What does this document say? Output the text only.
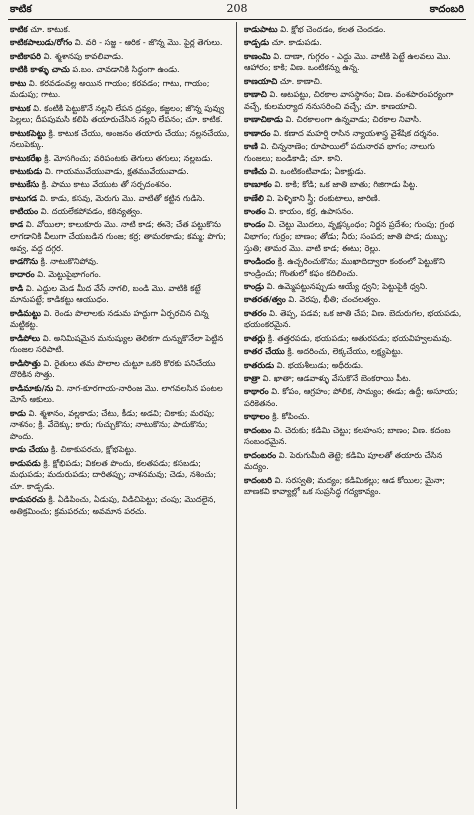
కాటిక	208	కాదంబరి

కాటిక చూ. కాటుక.

కాటికపాలుడు/రోగం వి. వరి - సజ్జ - ఆరిక - జొన్న మొ. పైర్ల తెగులు.

కాటికాపరి వి. శ్మశానపు కావలివాడు.

కాటికి కాళ్ళు చాచు ప.బం. చావడానికి సిద్ధంగా ఉండు.

కాటు వి. కరవడంవల్ల అయిన గాయం; కరవడం; గాటు, గాయం; మడుపు; గాటు.

కాటుక వి. కంటికి పెట్టుకొనే నల్లని లేపన ద్రవ్యం, కజ్జలం; జొన్న పువ్వు పెల్లలు; దీపపుమసి కలిపి తయారుచేసిన నల్లని లేపనం; చూ. కాటిక.

కాటుకపెట్టు క్రి. కాటుక చేయు, అంజనం తయారు చేయు; నల్లనచేయు, నలుపెక్కు.

కాటుకరేఖ క్రి. మోసగించు; వరిపంటకు తెగులు తగులు; నల్లబడు.

కాటుకుడు వి. గాయమువేయువాడు, క్షతమువేయువాడు.

కాటుకేసు క్రి. పాము కాటు వేయుట తో సర్పదంశనం.

కాటుగడ వి. కాడు, కసవు, మెరుగు మొ. వాటితో కట్టిన గుడిసె.

కాటియం వి. దయలేకపోవడం, కఠిన్యత్వం.

కాడ వి. వోయిలా; కాలుకూరు మొ. నాటి కాడ; ఈనె; చేత పట్టుకొను లాగడానికి వీలుగా చేయబడిన గుంజ; కర్ర; తామరకాడు; కమ్మ; పొగు; అవ్వ, వద్ద దగ్గర.

కాడగొను క్రి. నాటుకొనిపోవు.

కాదారం వి. మెట్టుపైభాగంగం.

కాడి వి. ఎద్దుల మెడ మీద వేసే నాగలి, బండి మొ. వాటికి కట్టే మానుపట్టే; కాడికట్టు ఆయుధం.

కాడిమట్టు వి. రెండు పొలాలకు నడుమ హద్దుగా ఏర్పరచిన చిన్న మట్టికట్ట.

కాడిపోలు వి. అనిమిషమైన మనుష్యుల తెలికగా దున్నుకొనేలా పెట్టిన గుంజల సరిపాటి.

కాడిసొత్తు వి. రైతులు తమ పొలాల చుట్టూ ఒకరి కొరకు పనిచేయు దొరికిన సొత్తు.

కాడిమాకు/ను వి. నాగ-కూరగాయ-నారింజ మొ. లాగవలసిన పంటల మోసే ఆకులు.

కాడు వి. శ్మశానం, వల్లకాడు; చేటు, కీడు; అడవి; చికాకు; మరపు; నాశనం; క్రి. వేదెక్కు; కారు; గుచ్చుకొను; నాటుకొను; పాదుకొను; పొందు.

కాడు చేయు క్రి. చికాకుపరచు, క్షోభపెట్టు.

కాడుపడు క్రి. క్షోభిపడు; వికలత పొందు, కలతపడు; కసబడు; మధుపడు; మదురుపడు; దారితప్పు; నాశనమవు; చెడు, నశించు; చూ. కాడ్పడు.

కాడుపరచు క్రి. ఏడిపించు, ఏడుపు, విడిచిపెట్టు; చంపు; మొదలైన, అతిక్రమించు; క్రమపరచు; అవమాన పరచు.

కాడుపాటు వి. క్షోభ చెందడం, కలత చెందడం.

కాడ్పడు చూ. కాడుపడు.

కాణంమి వి. దాణా, గుగ్గరం - ఎద్దు మొ. వాటికి పెట్టే ఉలవలు మొ. ఆహారం; కాకి; విణ. ఒంటికన్ను ఉన్న.

కాణయాచి చూ. కాణాచి.

కాణాచి వి. ఆటపట్టు, చిరకాల వాసస్థానం; విణ. వంశపారంపర్యంగా వచ్చే, కులమర్యాద ననుసరించి వచ్చే; చూ. కాణయాచి.

కాణాచికాడు వి. చిరకాలంగా ఉన్నవాడు; చిరకాల నివాసి.

కాణాదం వి. కణాద మహర్షి రాసిన న్యాయశాస్త్ర వైశేషిక దర్శనం.

కాణి వి. చిన్ననాణెం; రూపాయిలో పదునారవ భాగం; నాలుగు గుంజలు; బండికాడి; చూ. కాని.

కాణిచు వి. ఒంటికంటివాడు; ఏకాక్షుడు.

కాణూకం వి. కాకి; కోడి; ఒక జాతి బాతు; గిజిగాడు పిట్ట.

కాణేలి వి. పెళ్ళికాని స్త్రీ; రంకుటాలు, జారిణి.

కాంతం వి. కాయం, కర్ర, ఉపాసనం.

కాండం వి. చెట్టు మొదలు, వృక్షస్కంధం; నిర్జన ప్రదేశం; గుంపు; గ్రంథ విభాగం; గుర్రం; బాణం; తోడు; నీరు; సంపద; జాతి పొడ; దుబ్బు; స్తుతి; తామర మొ. వాటి కాడ; ఈటు; రెల్లు.

కాండిందం క్రి. ఉచ్చరించుకొను; ముఖాదిద్వారా కంఠంలో పెట్టుకొని కాండ్రించు; గొంతులో కఫం కదిలించు.

కాండ్రు వి. ఉమ్మెపట్టునప్పుడు ఆయ్యే ధ్వని; పెట్టుపైకి ధ్వని.

కాతరత/త్వం వి. వెరపు, భీతి; చంచలత్వం.

కాతరం వి. తెప్ప, పడవ; ఒక జాతి చేప; విణ. బెదురుగల, భయపడు, భయంకరమైన.

కాతర్లు క్రి. తత్తరపడు, భయపడు; ఆతురపడు; భయవిహ్వలమవు.

కాతర చేయు క్రి. అదరించు, లెక్కచేయు, లక్ష్యపెట్టు.

కాతరుడు వి. భయశీలుడు; అధీరుడు.

కాత్రా వి. ఖాతా; ఆడవాళ్ళు వేసుకొనే బెంకరాయి పీట.

కాథారం వి. కోపం, ఆగ్రహం; పోలిక, సామ్యం; ఈడు; ఉద్దీ; అసూయ; పరికెతనం.

కాథాలం క్రి. కోపించు.

కాదంబం వి. చెరుకు; కడిమి చెట్టు; కలహంస; బాణం; విణ. కదంబ సంబంధమైన.

కాదంబరం వి. పెరుగుమీది తెట్టె; కడిమి పూలతో తయారు చేసిన మద్యం.

కాదంబరి వి. సరస్వతి; మద్యం; కడిమికల్లు; ఆడ కోయిల; మైనా; బాణకవి కావ్యాల్లో ఒక సుప్రసిద్ధ గద్యకావ్యం.
